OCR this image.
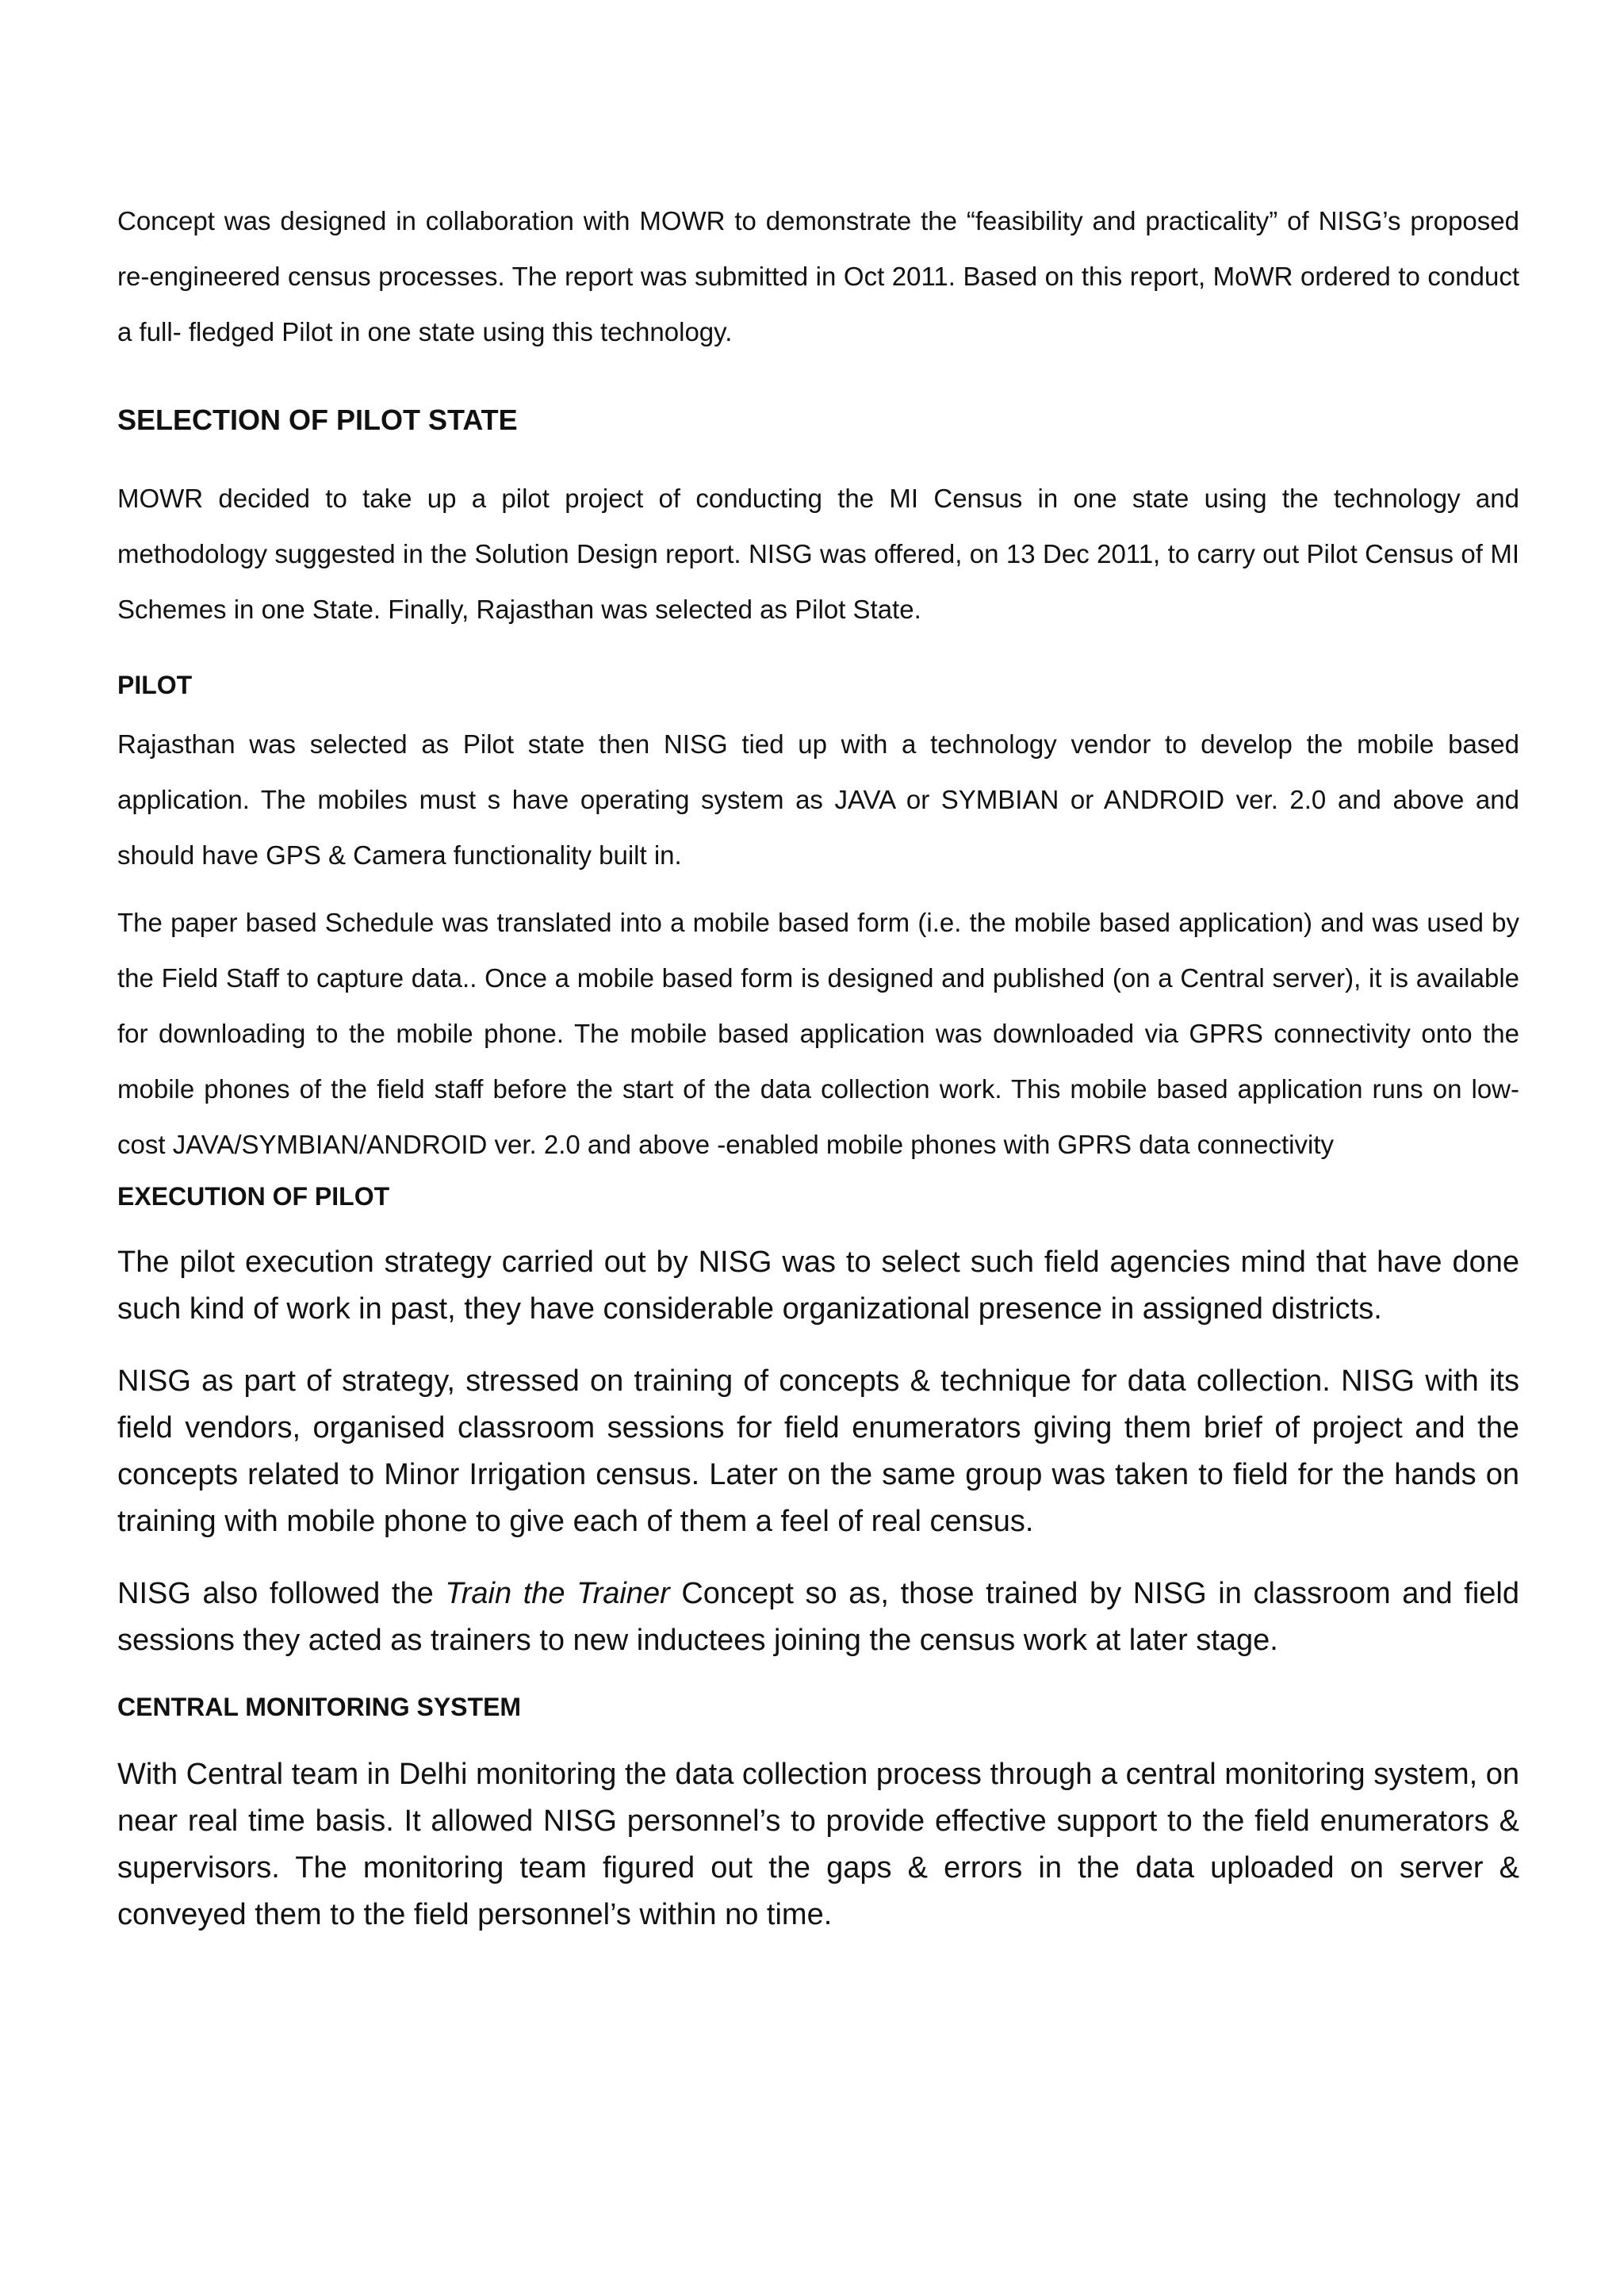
Concept was designed in collaboration with MOWR to demonstrate the “feasibility and practicality” of NISG’s proposed re-engineered census processes. The report was submitted in Oct 2011. Based on this report, MoWR ordered to conduct a full- fledged Pilot in one state using this technology.

SELECTION OF PILOT STATE

MOWR decided to take up a pilot project of conducting the MI Census in one state using the technology and methodology suggested in the Solution Design report. NISG was offered, on 13 Dec 2011, to carry out Pilot Census of MI Schemes in one State. Finally, Rajasthan was selected as Pilot State.

PILOT

Rajasthan was selected as Pilot state then NISG tied up with a technology vendor to develop the mobile based application. The mobiles must s have operating system as JAVA or SYMBIAN or ANDROID ver. 2.0 and above and should have GPS & Camera functionality built in.

The paper based Schedule was translated into a mobile based form (i.e. the mobile based application) and was used by the Field Staff to capture data.. Once a mobile based form is designed and published (on a Central server), it is available for downloading to the mobile phone. The mobile based application was downloaded via GPRS connectivity onto the mobile phones of the field staff before the start of the data collection work. This mobile based application runs on low-cost JAVA/SYMBIAN/ANDROID ver. 2.0 and above -enabled mobile phones with GPRS data connectivity

EXECUTION OF PILOT

The pilot execution strategy carried out by NISG was to select such field agencies mind that have done such kind of work in past, they have considerable organizational presence in assigned districts.

NISG as part of strategy, stressed on training of concepts & technique for data collection. NISG with its field vendors, organised classroom sessions for field enumerators giving them brief of project and the concepts related to Minor Irrigation census. Later on the same group was taken to field for the hands on training with mobile phone to give each of them a feel of real census.

NISG also followed the Train the Trainer Concept so as, those trained by NISG in classroom and field sessions they acted as trainers to new inductees joining the census work at later stage.

CENTRAL MONITORING SYSTEM

With Central team in Delhi monitoring the data collection process through a central monitoring system, on near real time basis. It allowed NISG personnel’s to provide effective support to the field enumerators & supervisors. The monitoring team figured out the gaps & errors in the data uploaded on server & conveyed them to the field personnel’s within no time.
